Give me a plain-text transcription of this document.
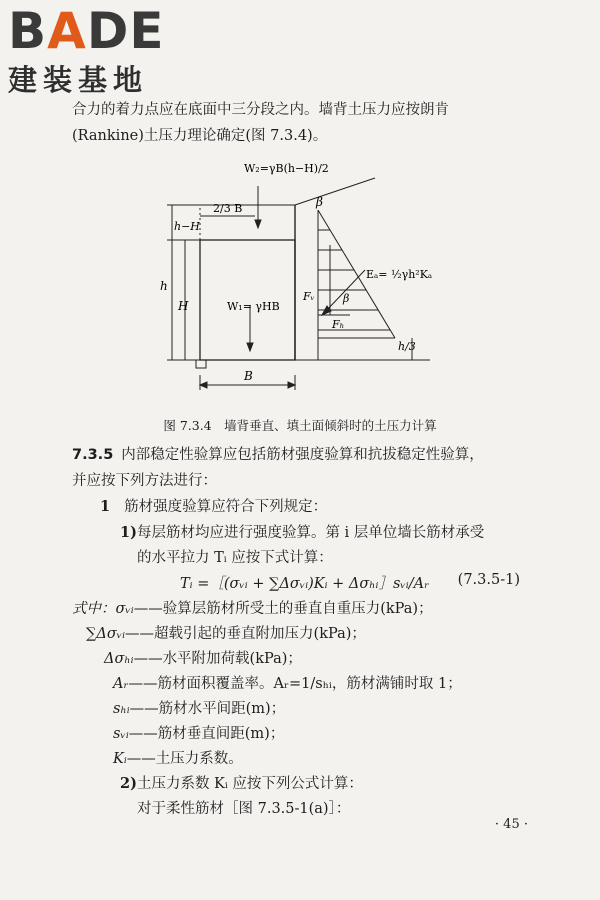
BADE
建装基地
合力的着力点应在底面中三分段之内。墙背土压力应按朗肯
(Rankine)土压力理论确定(图 7.3.4)。
W₂=γB(h−H)/2
2/3 B	β
h−H
h
H	W₁= γHB
Eₐ= ½γh²Kₐ
Fᵥ	β
Fₕ
h/3
B
图 7.3.4　墙背垂直、填土面倾斜时的土压力计算
7.3.5 内部稳定性验算应包括筋材强度验算和抗拔稳定性验算，
并应按下列方法进行：
1 筋材强度验算应符合下列规定：
1)每层筋材均应进行强度验算。第 i 层单位墙长筋材承受
的水平拉力 Tᵢ 应按下式计算：
Tᵢ =［(σᵥᵢ + ∑Δσᵥᵢ)Kᵢ + Δσₕᵢ］sᵥᵢ/Aᵣ (7.3.5-1)
式中：σᵥᵢ——验算层筋材所受土的垂直自重压力(kPa)；
∑Δσᵥᵢ——超载引起的垂直附加压力(kPa)；
Δσₕᵢ——水平附加荷载(kPa)；
Aᵣ——筋材面积覆盖率。Aᵣ=1/sₕᵢ，筋材满铺时取 1；
sₕᵢ——筋材水平间距(m)；
sᵥᵢ——筋材垂直间距(m)；
Kᵢ——土压力系数。
2)土压力系数 Kᵢ 应按下列公式计算：
对于柔性筋材［图 7.3.5-1(a)］：
· 45 ·
